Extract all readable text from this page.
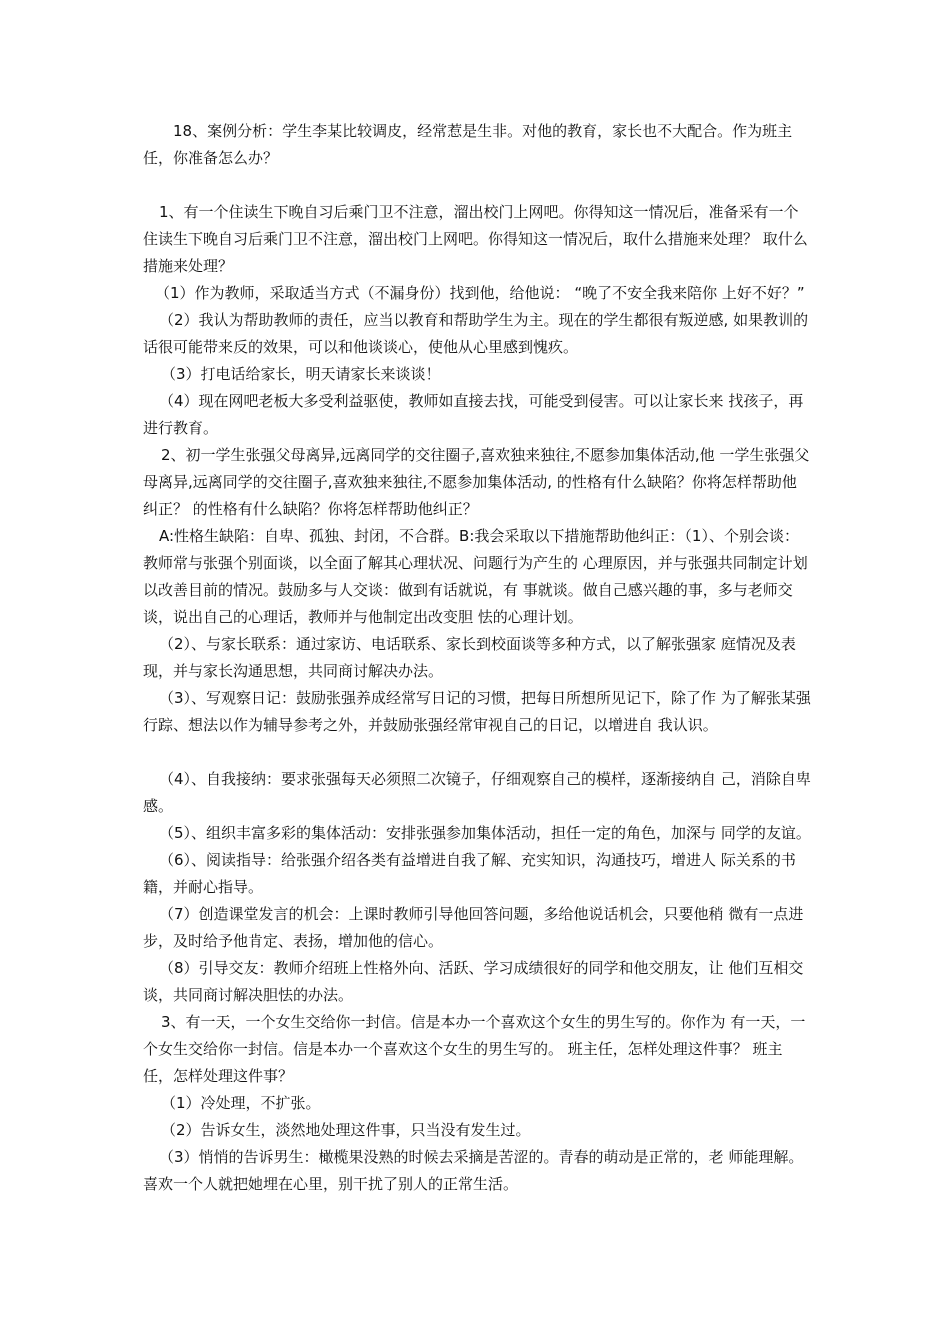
18、案例分析：学生李某比较调皮，经常惹是生非。对他的教育，家长也不大配合。作为班主任，你准备怎么办？

1、有一个住读生下晚自习后乘门卫不注意，溜出校门上网吧。你得知这一情况后，准备采有一个住读生下晚自习后乘门卫不注意，溜出校门上网吧。你得知这一情况后，取什么措施来处理？ 取什么措施来处理？

（1）作为教师，采取适当方式（不漏身份）找到他，给他说： “晚了不安全我来陪你 上好不好？”

（2）我认为帮助教师的责任，应当以教育和帮助学生为主。现在的学生都很有叛逆感, 如果教训的话很可能带来反的效果，可以和他谈谈心，使他从心里感到愧疚。

（3）打电话给家长，明天请家长来谈谈！

（4）现在网吧老板大多受利益驱使，教师如直接去找，可能受到侵害。可以让家长来 找孩子，再进行教育。

2、初一学生张强父母离异,远离同学的交往圈子,喜欢独来独往,不愿参加集体活动,他 一学生张强父母离异,远离同学的交往圈子,喜欢独来独往,不愿参加集体活动, 的性格有什么缺陷？你将怎样帮助他纠正？ 的性格有什么缺陷？你将怎样帮助他纠正？

A:性格生缺陷：自卑、孤独、封闭，不合群。B:我会采取以下措施帮助他纠正：（1）、个别会谈：教师常与张强个别面谈，以全面了解其心理状况、问题行为产生的 心理原因，并与张强共同制定计划以改善目前的情况。鼓励多与人交谈：做到有话就说，有 事就谈。做自己感兴趣的事，多与老师交谈，说出自己的心理话，教师并与他制定出改变胆 怯的心理计划。

（2）、与家长联系：通过家访、电话联系、家长到校面谈等多种方式，以了解张强家 庭情况及表现，并与家长沟通思想，共同商讨解决办法。

（3）、写观察日记：鼓励张强养成经常写日记的习惯，把每日所想所见记下，除了作 为了解张某强行踪、想法以作为辅导参考之外，并鼓励张强经常审视自己的日记，以增进自 我认识。

（4）、自我接纳：要求张强每天必须照二次镜子，仔细观察自己的模样，逐渐接纳自 己，消除自卑感。

（5）、组织丰富多彩的集体活动：安排张强参加集体活动，担任一定的角色，加深与 同学的友谊。

（6）、阅读指导：给张强介绍各类有益增进自我了解、充实知识，沟通技巧，增进人 际关系的书籍，并耐心指导。

（7）创造课堂发言的机会：上课时教师引导他回答问题，多给他说话机会，只要他稍 微有一点进步，及时给予他肯定、表扬，增加他的信心。

（8）引导交友：教师介绍班上性格外向、活跃、学习成绩很好的同学和他交朋友，让 他们互相交谈，共同商讨解决胆怯的办法。

3、有一天，一个女生交给你一封信。信是本办一个喜欢这个女生的男生写的。你作为 有一天，一个女生交给你一封信。信是本办一个喜欢这个女生的男生写的。 班主任，怎样处理这件事？ 班主任，怎样处理这件事？

（1）冷处理，不扩张。

（2）告诉女生，淡然地处理这件事，只当没有发生过。

（3）悄悄的告诉男生：橄榄果没熟的时候去采摘是苦涩的。青春的萌动是正常的，老 师能理解。喜欢一个人就把她埋在心里，别干扰了别人的正常生活。
